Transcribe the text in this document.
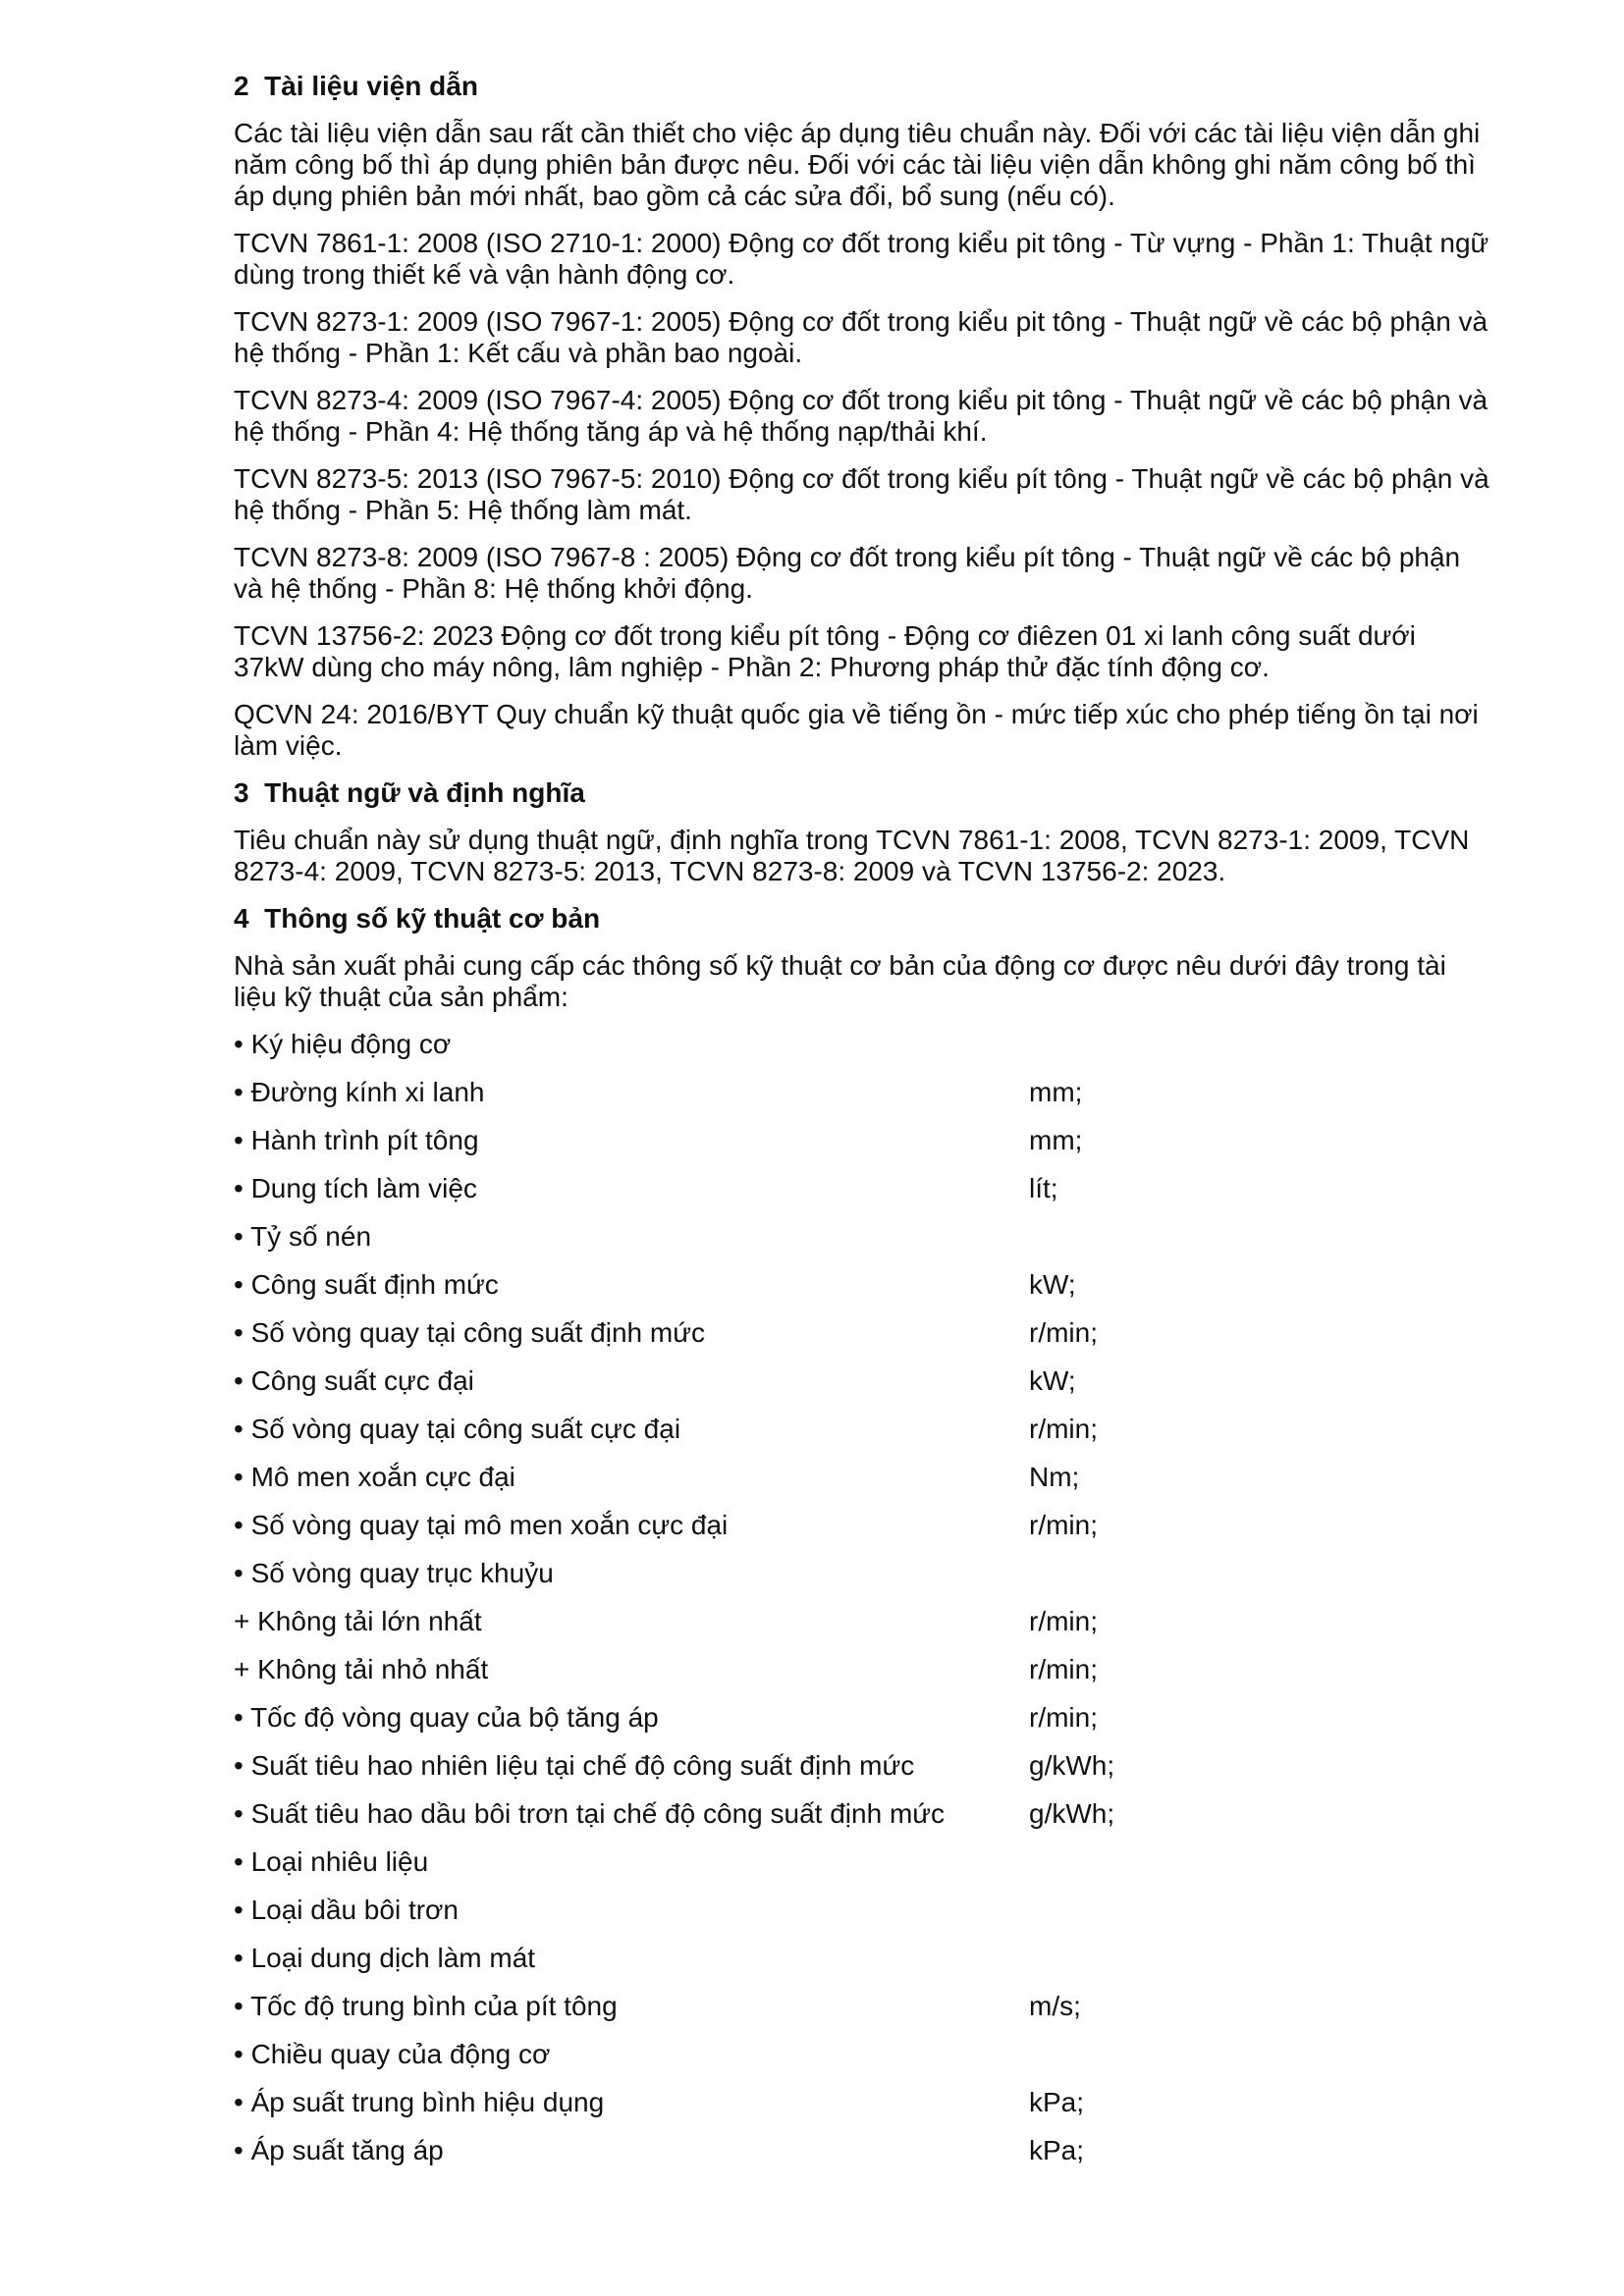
2  Tài liệu viện dẫn
Các tài liệu viện dẫn sau rất cần thiết cho việc áp dụng tiêu chuẩn này. Đối với các tài liệu viện dẫn ghi năm công bố thì áp dụng phiên bản được nêu. Đối với các tài liệu viện dẫn không ghi năm công bố thì áp dụng phiên bản mới nhất, bao gồm cả các sửa đổi, bổ sung (nếu có).
TCVN 7861-1: 2008 (ISO 2710-1: 2000) Động cơ đốt trong kiểu pit tông - Từ vựng - Phần 1: Thuật ngữ dùng trong thiết kế và vận hành động cơ.
TCVN 8273-1: 2009 (ISO 7967-1: 2005) Động cơ đốt trong kiểu pit tông - Thuật ngữ về các bộ phận và hệ thống - Phần 1: Kết cấu và phần bao ngoài.
TCVN 8273-4: 2009 (ISO 7967-4: 2005) Động cơ đốt trong kiểu pit tông - Thuật ngữ về các bộ phận và hệ thống - Phần 4: Hệ thống tăng áp và hệ thống nạp/thải khí.
TCVN 8273-5: 2013 (ISO 7967-5: 2010) Động cơ đốt trong kiểu pít tông - Thuật ngữ về các bộ phận và hệ thống - Phần 5: Hệ thống làm mát.
TCVN 8273-8: 2009 (ISO 7967-8 : 2005) Động cơ đốt trong kiểu pít tông - Thuật ngữ về các bộ phận và hệ thống - Phần 8: Hệ thống khởi động.
TCVN 13756-2: 2023 Động cơ đốt trong kiểu pít tông - Động cơ điêzen 01 xi lanh công suất dưới 37kW dùng cho máy nông, lâm nghiệp - Phần 2: Phương pháp thử đặc tính động cơ.
QCVN 24: 2016/BYT Quy chuẩn kỹ thuật quốc gia về tiếng ồn - mức tiếp xúc cho phép tiếng ồn tại nơi làm việc.
3  Thuật ngữ và định nghĩa
Tiêu chuẩn này sử dụng thuật ngữ, định nghĩa trong TCVN 7861-1: 2008, TCVN 8273-1: 2009, TCVN 8273-4: 2009, TCVN 8273-5: 2013, TCVN 8273-8: 2009 và TCVN 13756-2: 2023.
4  Thông số kỹ thuật cơ bản
Nhà sản xuất phải cung cấp các thông số kỹ thuật cơ bản của động cơ được nêu dưới đây trong tài liệu kỹ thuật của sản phẩm:
• Ký hiệu động cơ
• Đường kính xi lanh	mm;
• Hành trình pít tông	mm;
• Dung tích làm việc	lít;
• Tỷ số nén
• Công suất định mức	kW;
• Số vòng quay tại công suất định mức	r/min;
• Công suất cực đại	kW;
• Số vòng quay tại công suất cực đại	r/min;
• Mô men xoắn cực đại	Nm;
• Số vòng quay tại mô men xoắn cực đại	r/min;
• Số vòng quay trục khuỷu
+ Không tải lớn nhất	r/min;
+ Không tải nhỏ nhất	r/min;
• Tốc độ vòng quay của bộ tăng áp	r/min;
• Suất tiêu hao nhiên liệu tại chế độ công suất định mức	g/kWh;
• Suất tiêu hao dầu bôi trơn tại chế độ công suất định mức	g/kWh;
• Loại nhiêu liệu
• Loại dầu bôi trơn
• Loại dung dịch làm mát
• Tốc độ trung bình của pít tông	m/s;
• Chiều quay của động cơ
• Áp suất trung bình hiệu dụng	kPa;
• Áp suất tăng áp	kPa;
